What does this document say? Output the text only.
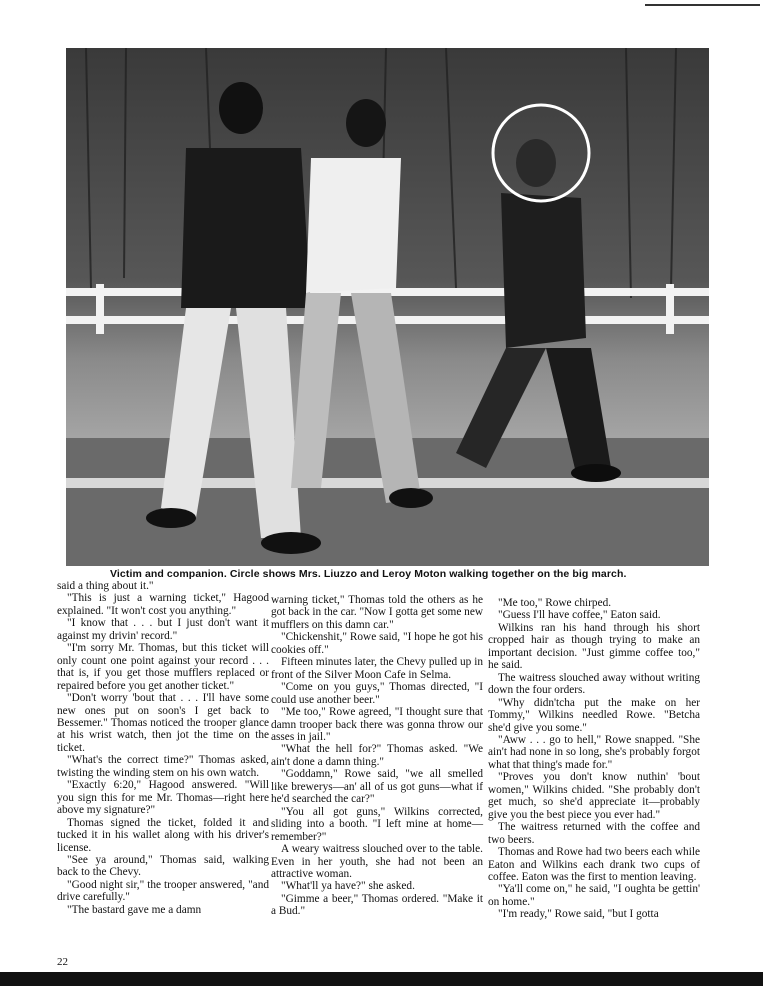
Victim and companion. Circle shows Mrs. Liuzzo and Leroy Moton walking together on the big march.

said a thing about it."

"This is just a warning ticket," Hagood explained. "It won't cost you anything."

"I know that . . . but I just don't want it against my drivin' record."

"I'm sorry Mr. Thomas, but this ticket will only count one point against your record . . . that is, if you get those mufflers replaced or repaired before you get another ticket."

"Don't worry 'bout that . . . I'll have some new ones put on soon's I get back to Bessemer." Thomas noticed the trooper glance at his wrist watch, then jot the time on the ticket.

"What's the correct time?" Thomas asked, twisting the winding stem on his own watch.

"Exactly 6:20," Hagood answered. "Will you sign this for me Mr. Thomas—right here above my signature?"

Thomas signed the ticket, folded it and tucked it in his wallet along with his driver's license.

"See ya around," Thomas said, walking back to the Chevy.

"Good night sir," the trooper answered, "and drive carefully."

"The bastard gave me a damn

warning ticket," Thomas told the others as he got back in the car. "Now I gotta get some new mufflers on this damn car."

"Chickenshit," Rowe said, "I hope he got his cookies off."

Fifteen minutes later, the Chevy pulled up in front of the Silver Moon Cafe in Selma.

"Come on you guys," Thomas directed, "I could use another beer."

"Me too," Rowe agreed, "I thought sure that damn trooper back there was gonna throw our asses in jail."

"What the hell for?" Thomas asked. "We ain't done a damn thing."

"Goddamn," Rowe said, "we all smelled like brewerys—an' all of us got guns—what if he'd searched the car?"

"You all got guns," Wilkins corrected, sliding into a booth. "I left mine at home—remember?"

A weary waitress slouched over to the table. Even in her youth, she had not been an attractive woman.

"What'll ya have?" she asked.

"Gimme a beer," Thomas ordered. "Make it a Bud."

"Me too," Rowe chirped.

"Guess I'll have coffee," Eaton said.

Wilkins ran his hand through his short cropped hair as though trying to make an important decision. "Just gimme coffee too," he said.

The waitress slouched away without writing down the four orders.

"Why didn'tcha put the make on her Tommy," Wilkins needled Rowe. "Betcha she'd give you some."

"Aww . . . go to hell," Rowe snapped. "She ain't had none in so long, she's probably forgot what that thing's made for."

"Proves you don't know nuthin' 'bout women," Wilkins chided. "She probably don't get much, so she'd appreciate it—probably give you the best piece you ever had."

The waitress returned with the coffee and two beers.

Thomas and Rowe had two beers each while Eaton and Wilkins each drank two cups of coffee. Eaton was the first to mention leaving.

"Ya'll come on," he said, "I oughta be gettin' on home."

"I'm ready," Rowe said, "but I gotta

22
